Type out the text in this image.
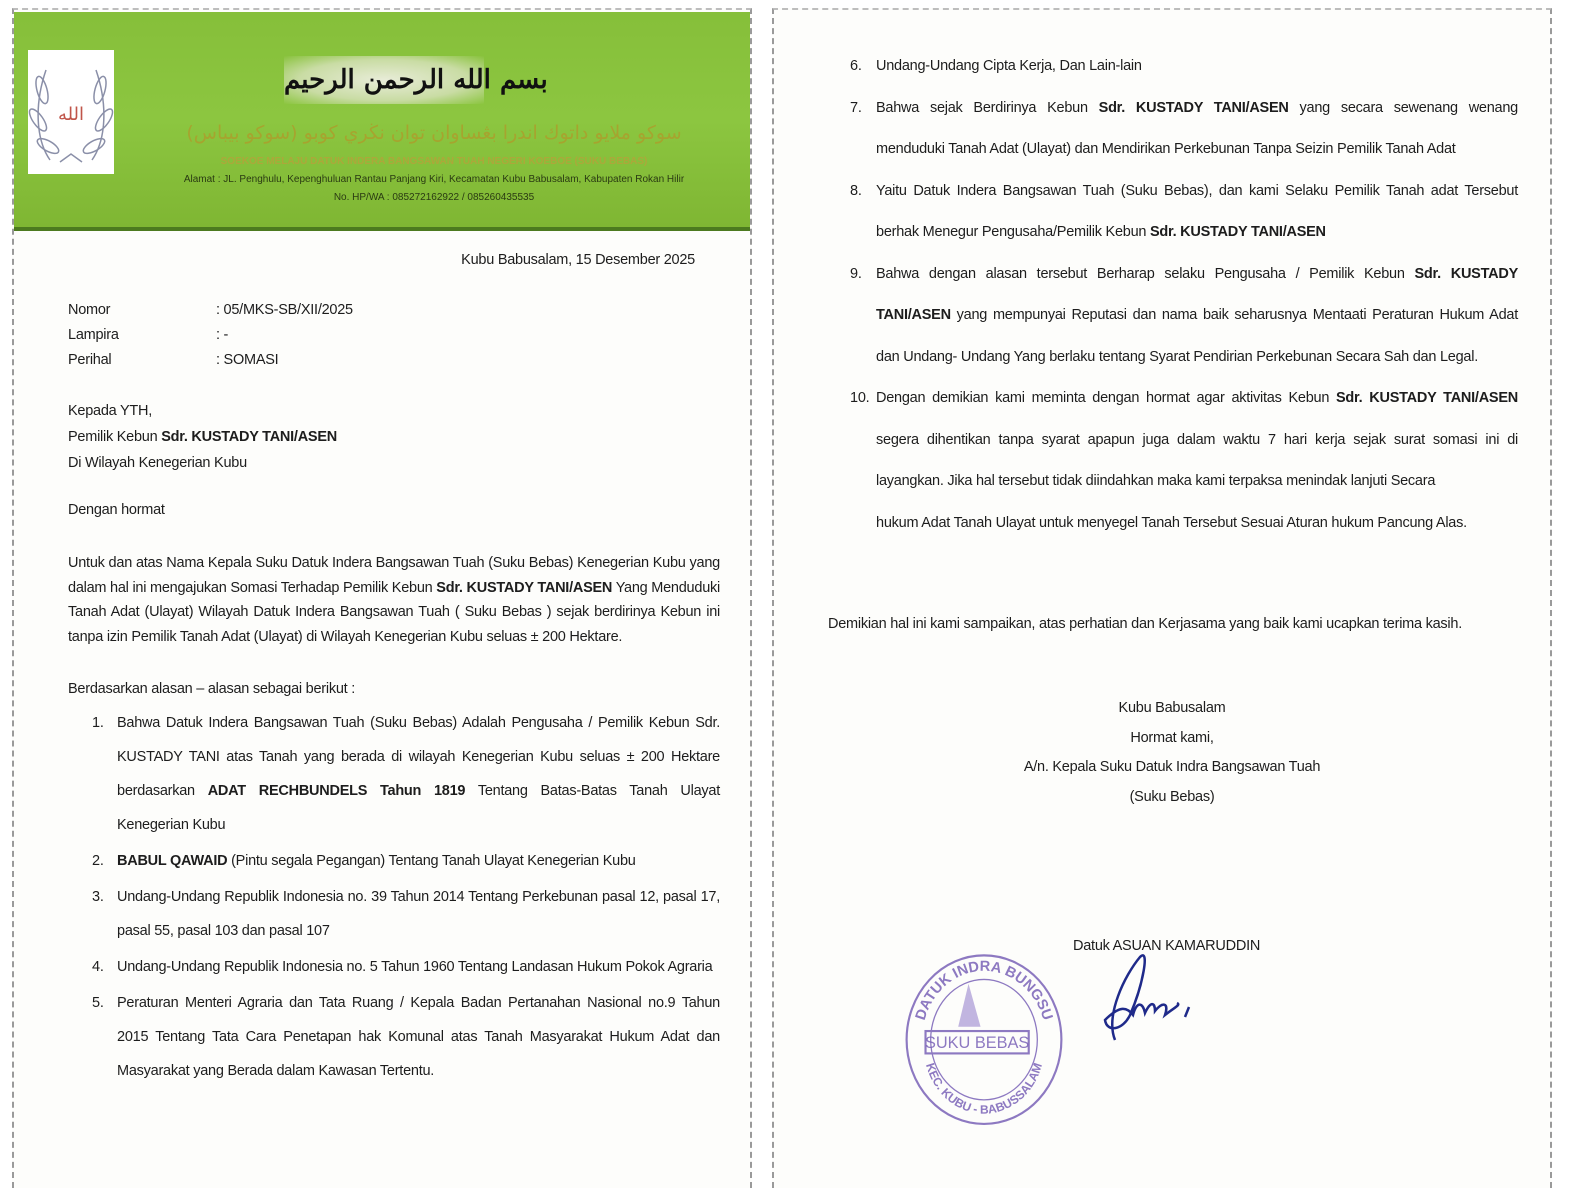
الله
بسم الله الرحمن الرحيم
سوكو ملايو داتوك اندرا بڠساوان توان نڬري كوبو (سوكو بيباس)
SOEKOE MELAJU DATUK INDERA BANGSAWAN TUAH NEGERI KOEBOE (SUKU BEBAS)
Alamat : JL. Penghulu, Kepenghuluan Rantau Panjang Kiri, Kecamatan Kubu Babusalam, Kabupaten Rokan Hilir
No. HP/WA : 085272162922 / 085260435535
Kubu Babusalam, 15 Desember 2025
Nomor	: 05/MKS-SB/XII/2025
Lampira	: -
Perihal	: SOMASI
Kepada YTH,
Pemilik Kebun Sdr. KUSTADY TANI/ASEN
Di Wilayah Kenegerian Kubu
Dengan hormat
Untuk dan atas Nama Kepala Suku Datuk Indera Bangsawan Tuah (Suku Bebas) Kenegerian Kubu yang dalam hal ini mengajukan Somasi Terhadap Pemilik Kebun Sdr. KUSTADY TANI/ASEN Yang Menduduki Tanah Adat (Ulayat) Wilayah Datuk Indera Bangsawan Tuah ( Suku Bebas ) sejak berdirinya Kebun ini tanpa izin Pemilik Tanah Adat (Ulayat) di Wilayah Kenegerian Kubu seluas ± 200 Hektare.
Berdasarkan alasan – alasan sebagai berikut :
1. Bahwa Datuk Indera Bangsawan Tuah (Suku Bebas) Adalah Pengusaha / Pemilik Kebun Sdr. KUSTADY TANI atas Tanah yang berada di wilayah Kenegerian Kubu seluas ± 200 Hektare berdasarkan ADAT RECHBUNDELS Tahun 1819 Tentang Batas-Batas Tanah Ulayat Kenegerian Kubu
2. BABUL QAWAID (Pintu segala Pegangan) Tentang Tanah Ulayat Kenegerian Kubu
3. Undang-Undang Republik Indonesia no. 39 Tahun 2014 Tentang Perkebunan pasal 12, pasal 17, pasal 55, pasal 103 dan pasal 107
4. Undang-Undang Republik Indonesia no. 5 Tahun 1960 Tentang Landasan Hukum Pokok Agraria
5. Peraturan Menteri Agraria dan Tata Ruang / Kepala Badan Pertanahan Nasional no.9 Tahun 2015 Tentang Tata Cara Penetapan hak Komunal atas Tanah Masyarakat Hukum Adat dan Masyarakat yang Berada dalam Kawasan Tertentu.
6. Undang-Undang Cipta Kerja, Dan Lain-lain
7. Bahwa sejak Berdirinya Kebun Sdr. KUSTADY TANI/ASEN yang secara sewenang wenang menduduki Tanah Adat (Ulayat) dan Mendirikan Perkebunan Tanpa Seizin Pemilik Tanah Adat
8. Yaitu Datuk Indera Bangsawan Tuah (Suku Bebas), dan kami Selaku Pemilik Tanah adat Tersebut berhak Menegur Pengusaha/Pemilik Kebun Sdr. KUSTADY TANI/ASEN
9. Bahwa dengan alasan tersebut Berharap selaku Pengusaha / Pemilik Kebun Sdr. KUSTADY TANI/ASEN yang mempunyai Reputasi dan nama baik seharusnya Mentaati Peraturan Hukum Adat dan Undang- Undang Yang berlaku tentang Syarat Pendirian Perkebunan Secara Sah dan Legal.
10. Dengan demikian kami meminta dengan hormat agar aktivitas Kebun Sdr. KUSTADY TANI/ASEN segera dihentikan tanpa syarat apapun juga dalam waktu 7 hari kerja sejak surat somasi ini di layangkan. Jika hal tersebut tidak diindahkan maka kami terpaksa menindak lanjuti Secara
hukum Adat Tanah Ulayat untuk menyegel Tanah Tersebut Sesuai Aturan hukum Pancung Alas.
Demikian hal ini kami sampaikan, atas perhatian dan Kerjasama yang baik kami ucapkan terima kasih.
Kubu Babusalam
Hormat kami,
A/n. Kepala Suku Datuk Indra Bangsawan Tuah
(Suku Bebas)
Datuk ASUAN KAMARUDDIN
DATUK INDRA BUNGSU
SUKU BEBAS
KEC. KUBU - BABUSSALAM
